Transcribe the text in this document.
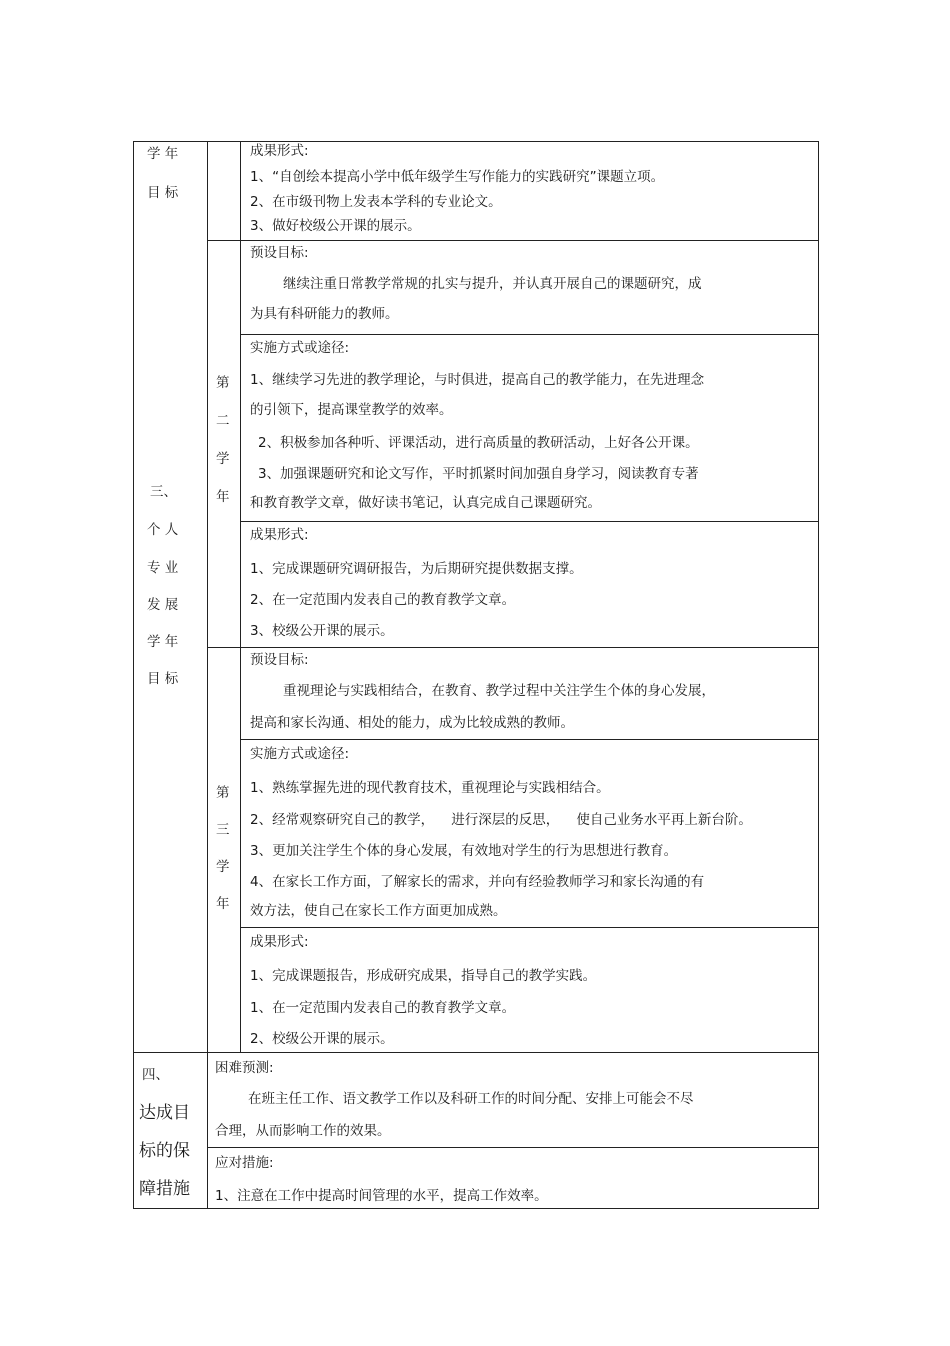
学 年
目 标
三、
个 人
专 业
发 展
学 年
目 标
成果形式:
1、“自创绘本提高小学中低年级学生写作能力的实践研究”课题立项。
2、在市级刊物上发表本学科的专业论文。
3、做好校级公开课的展示。
第
二
学
年
预设目标:
继续注重日常教学常规的扎实与提升，并认真开展自己的课题研究，成
为具有科研能力的教师。
实施方式或途径:
1、继续学习先进的教学理论，与时俱进，提高自己的教学能力，在先进理念
的引领下，提高课堂教学的效率。
2、积极参加各种听、评课活动，进行高质量的教研活动，上好各公开课。
3、加强课题研究和论文写作，平时抓紧时间加强自身学习，阅读教育专著
和教育教学文章，做好读书笔记，认真完成自己课题研究。
成果形式:
1、完成课题研究调研报告，为后期研究提供数据支撑。
2、在一定范围内发表自己的教育教学文章。
3、校级公开课的展示。
第
三
学
年
预设目标:
重视理论与实践相结合，在教育、教学过程中关注学生个体的身心发展，
提高和家长沟通、相处的能力，成为比较成熟的教师。
实施方式或途径:
1、熟练掌握先进的现代教育技术，重视理论与实践相结合。
2、经常观察研究自己的教学，    进行深层的反思，    使自己业务水平再上新台阶。
3、更加关注学生个体的身心发展，有效地对学生的行为思想进行教育。
4、在家长工作方面，了解家长的需求，并向有经验教师学习和家长沟通的有
效方法，使自己在家长工作方面更加成熟。
成果形式:
1、完成课题报告，形成研究成果，指导自己的教学实践。
1、在一定范围内发表自己的教育教学文章。
2、校级公开课的展示。
四、
达成目
标的保
障措施
困难预测:
在班主任工作、语文教学工作以及科研工作的时间分配、安排上可能会不尽
合理，从而影响工作的效果。
应对措施:
1、注意在工作中提高时间管理的水平，提高工作效率。
